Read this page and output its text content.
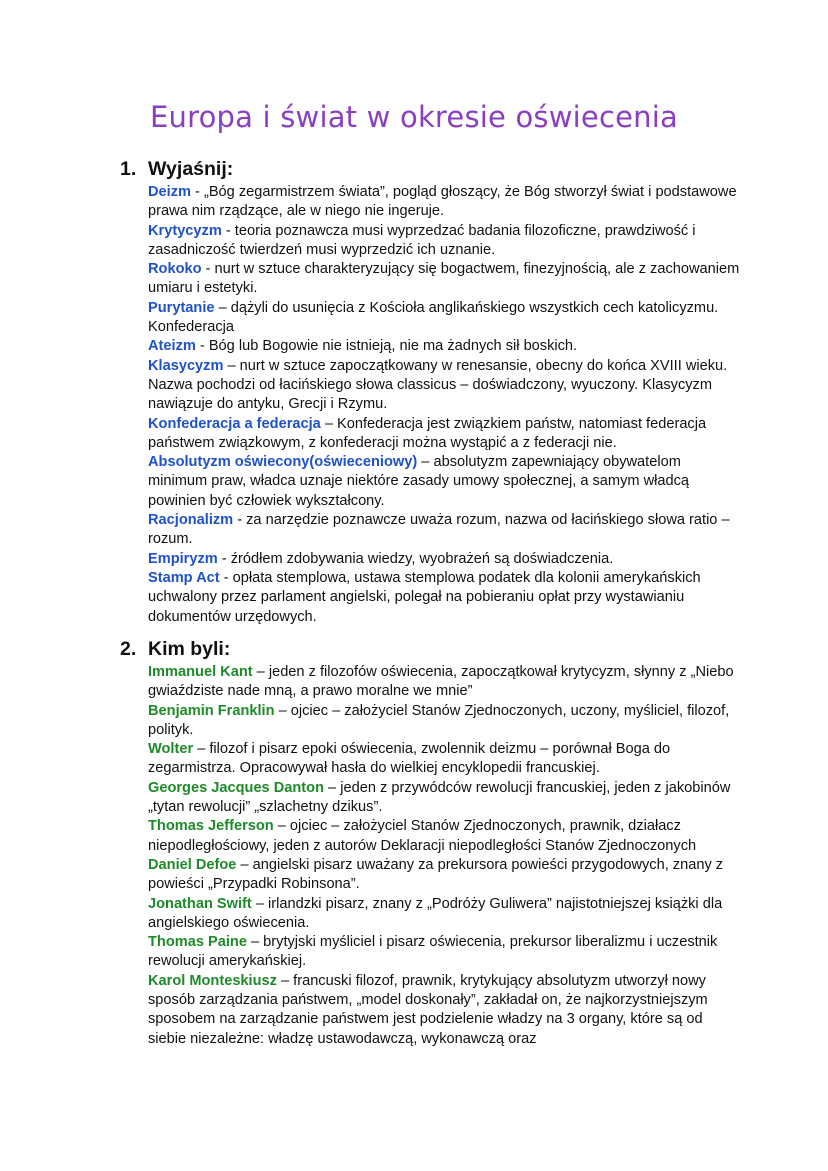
Europa i świat w okresie oświecenia
1. Wyjaśnij:

Deizm - „Bóg zegarmistrzem świata”, pogląd głoszący, że Bóg stworzył świat i podstawowe prawa nim rządzące, ale w niego nie ingeruje.

Krytycyzm - teoria poznawcza musi wyprzedzać badania filozoficzne, prawdziwość i zasadniczość twierdzeń musi wyprzedzić ich uznanie.

Rokoko - nurt w sztuce charakteryzujący się bogactwem, finezyjnością, ale z zachowaniem umiaru i estetyki.

Purytanie – dążyli do usunięcia z Kościoła anglikańskiego wszystkich cech katolicyzmu.

Konfederacja

Ateizm - Bóg lub Bogowie nie istnieją, nie ma żadnych sił boskich.

Klasycyzm – nurt w sztuce zapoczątkowany w renesansie, obecny do końca XVIII wieku. Nazwa pochodzi od łacińskiego słowa classicus – doświadczony, wyuczony. Klasycyzm nawiązuje do antyku, Grecji i Rzymu.

Konfederacja a federacja – Konfederacja jest związkiem państw, natomiast federacja państwem związkowym, z konfederacji można wystąpić a z federacji nie.

Absolutyzm oświecony(oświeceniowy) – absolutyzm zapewniający obywatelom minimum praw, władca uznaje niektóre zasady umowy społecznej, a samym władcą powinien być człowiek wykształcony.

Racjonalizm - za narzędzie poznawcze uważa rozum, nazwa od łacińskiego słowa ratio – rozum.

Empiryzm - źródłem zdobywania wiedzy, wyobrażeń są doświadczenia.

Stamp Act - opłata stemplowa, ustawa stemplowa podatek dla kolonii amerykańskich uchwalony przez parlament angielski, polegał na pobieraniu opłat przy wystawianiu dokumentów urzędowych.

2. Kim byli:

Immanuel Kant – jeden z filozofów oświecenia, zapoczątkował krytycyzm, słynny z „Niebo gwiaździste nade mną, a prawo moralne we mnie”

Benjamin Franklin – ojciec – założyciel Stanów Zjednoczonych, uczony, myśliciel, filozof, polityk.

Wolter – filozof i pisarz epoki oświecenia, zwolennik deizmu – porównał Boga do zegarmistrza. Opracowywał hasła do wielkiej encyklopedii francuskiej.

Georges Jacques Danton – jeden z przywódców rewolucji francuskiej, jeden z jakobinów „tytan rewolucji” „szlachetny dzikus”.

Thomas Jefferson – ojciec – założyciel Stanów Zjednoczonych, prawnik, działacz niepodległościowy, jeden z autorów Deklaracji niepodległości Stanów Zjednoczonych

Daniel Defoe – angielski pisarz uważany za prekursora powieści przygodowych, znany z powieści „Przypadki Robinsona”.

Jonathan Swift – irlandzki pisarz, znany z „Podróży Guliwera” najistotniejszej książki dla angielskiego oświecenia.

Thomas Paine – brytyjski myśliciel i pisarz oświecenia, prekursor liberalizmu i uczestnik rewolucji amerykańskiej.

Karol Monteskiusz – francuski filozof, prawnik, krytykujący absolutyzm utworzył nowy sposób zarządzania państwem, „model doskonały”, zakładał on, że najkorzystniejszym sposobem na zarządzanie państwem jest podzielenie władzy na 3 organy, które są od siebie niezależne: władzę ustawodawczą, wykonawczą oraz
